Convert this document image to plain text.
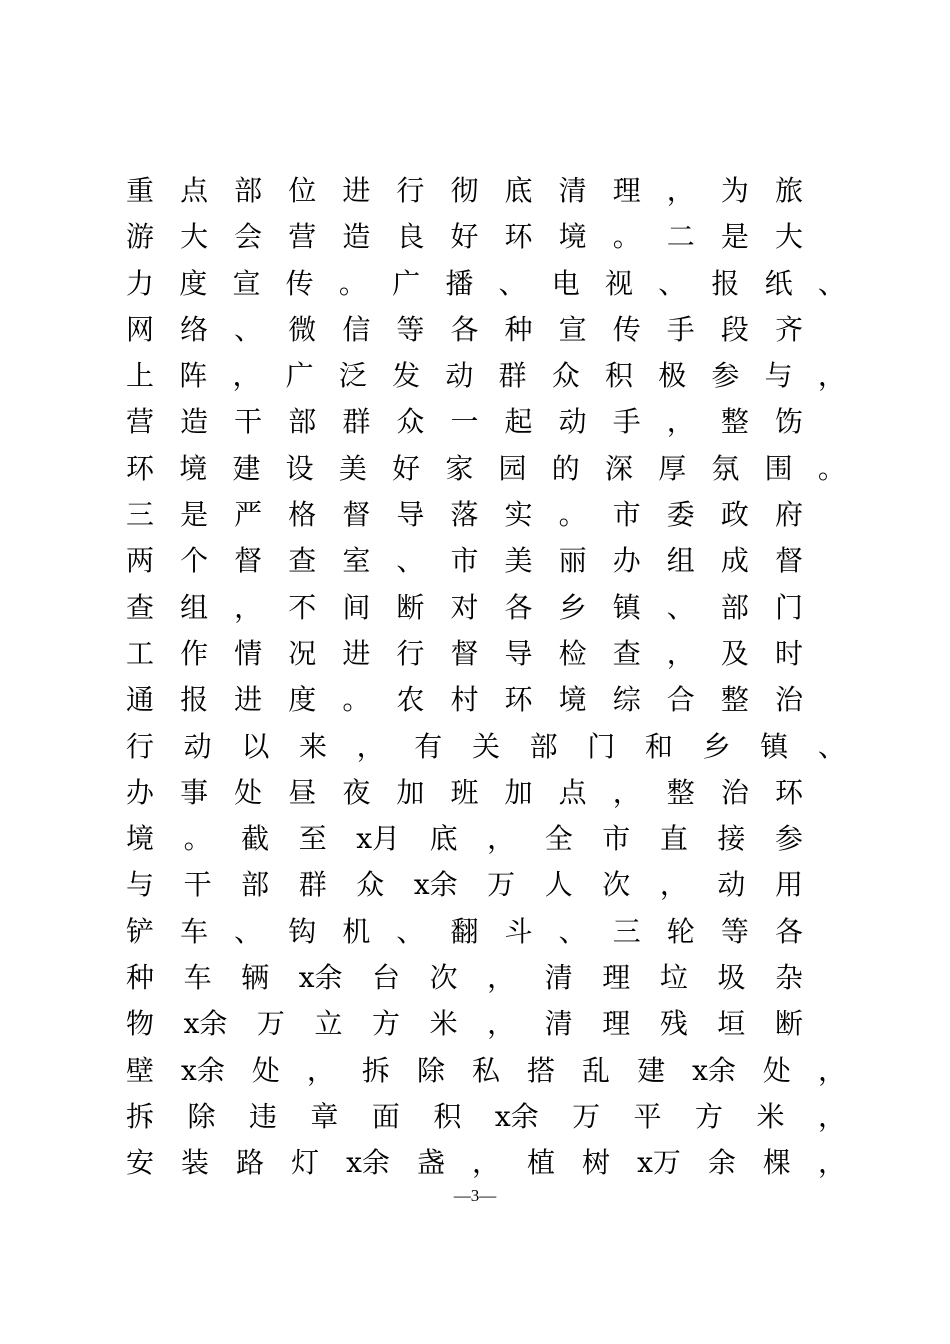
重 点 部 位 进 行 彻 底 清 理 ， 为 旅
游 大 会 营 造 良 好 环 境 。 二 是 大
力 度 宣 传 。 广 播 、 电 视 、 报 纸 、
网 络 、 微 信 等 各 种 宣 传 手 段 齐
上 阵 ， 广 泛 发 动 群 众 积 极 参 与 ，
营 造 干 部 群 众 一 起 动 手 ， 整 饬
环 境 建 设 美 好 家 园 的 深 厚 氛 围 。
三 是 严 格 督 导 落 实 。 市 委 政 府
两 个 督 查 室 、 市 美 丽 办 组 成 督
查 组 ， 不 间 断 对 各 乡 镇 、 部 门
工 作 情 况 进 行 督 导 检 查 ， 及 时
通 报 进 度 。 农 村 环 境 综 合 整 治
行 动 以 来 ， 有 关 部 门 和 乡 镇 、
办 事 处 昼 夜 加 班 加 点 ， 整 治 环
境 。 截 至 x月 底 ， 全 市 直 接 参
与 干 部 群 众 x余 万 人 次 ， 动 用
铲 车 、 钩 机 、 翻 斗 、 三 轮 等 各
种 车 辆 x余 台 次 ， 清 理 垃 圾 杂
物 x余 万 立 方 米 ， 清 理 残 垣 断
壁 x余 处 ， 拆 除 私 搭 乱 建 x余 处 ，
拆 除 违 章 面 积 x余 万 平 方 米 ，
安 装 路 灯 x余 盏 ， 植 树 x万 余 棵 ，
—3—
